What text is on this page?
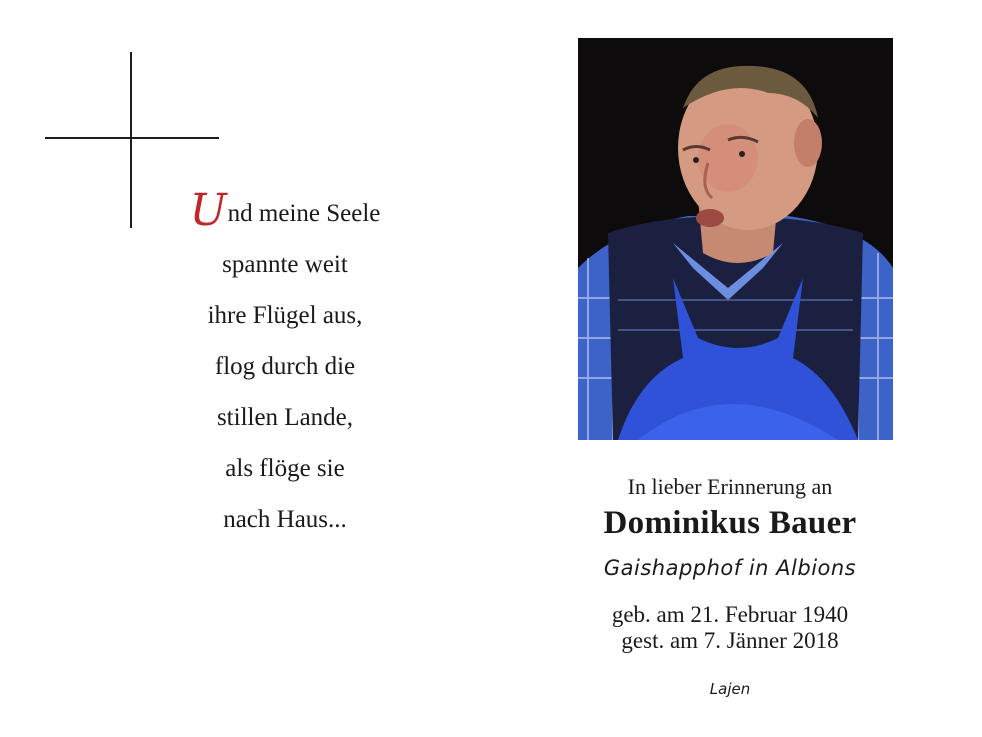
Und meine Seele
spannte weit
ihre Flügel aus,
flog durch die
stillen Lande,
als flöge sie
nach Haus...
In lieber Erinnerung an
Dominikus Bauer
Gaishapphof in Albions
geb. am 21. Februar 1940
gest. am 7. Jänner 2018
Lajen
